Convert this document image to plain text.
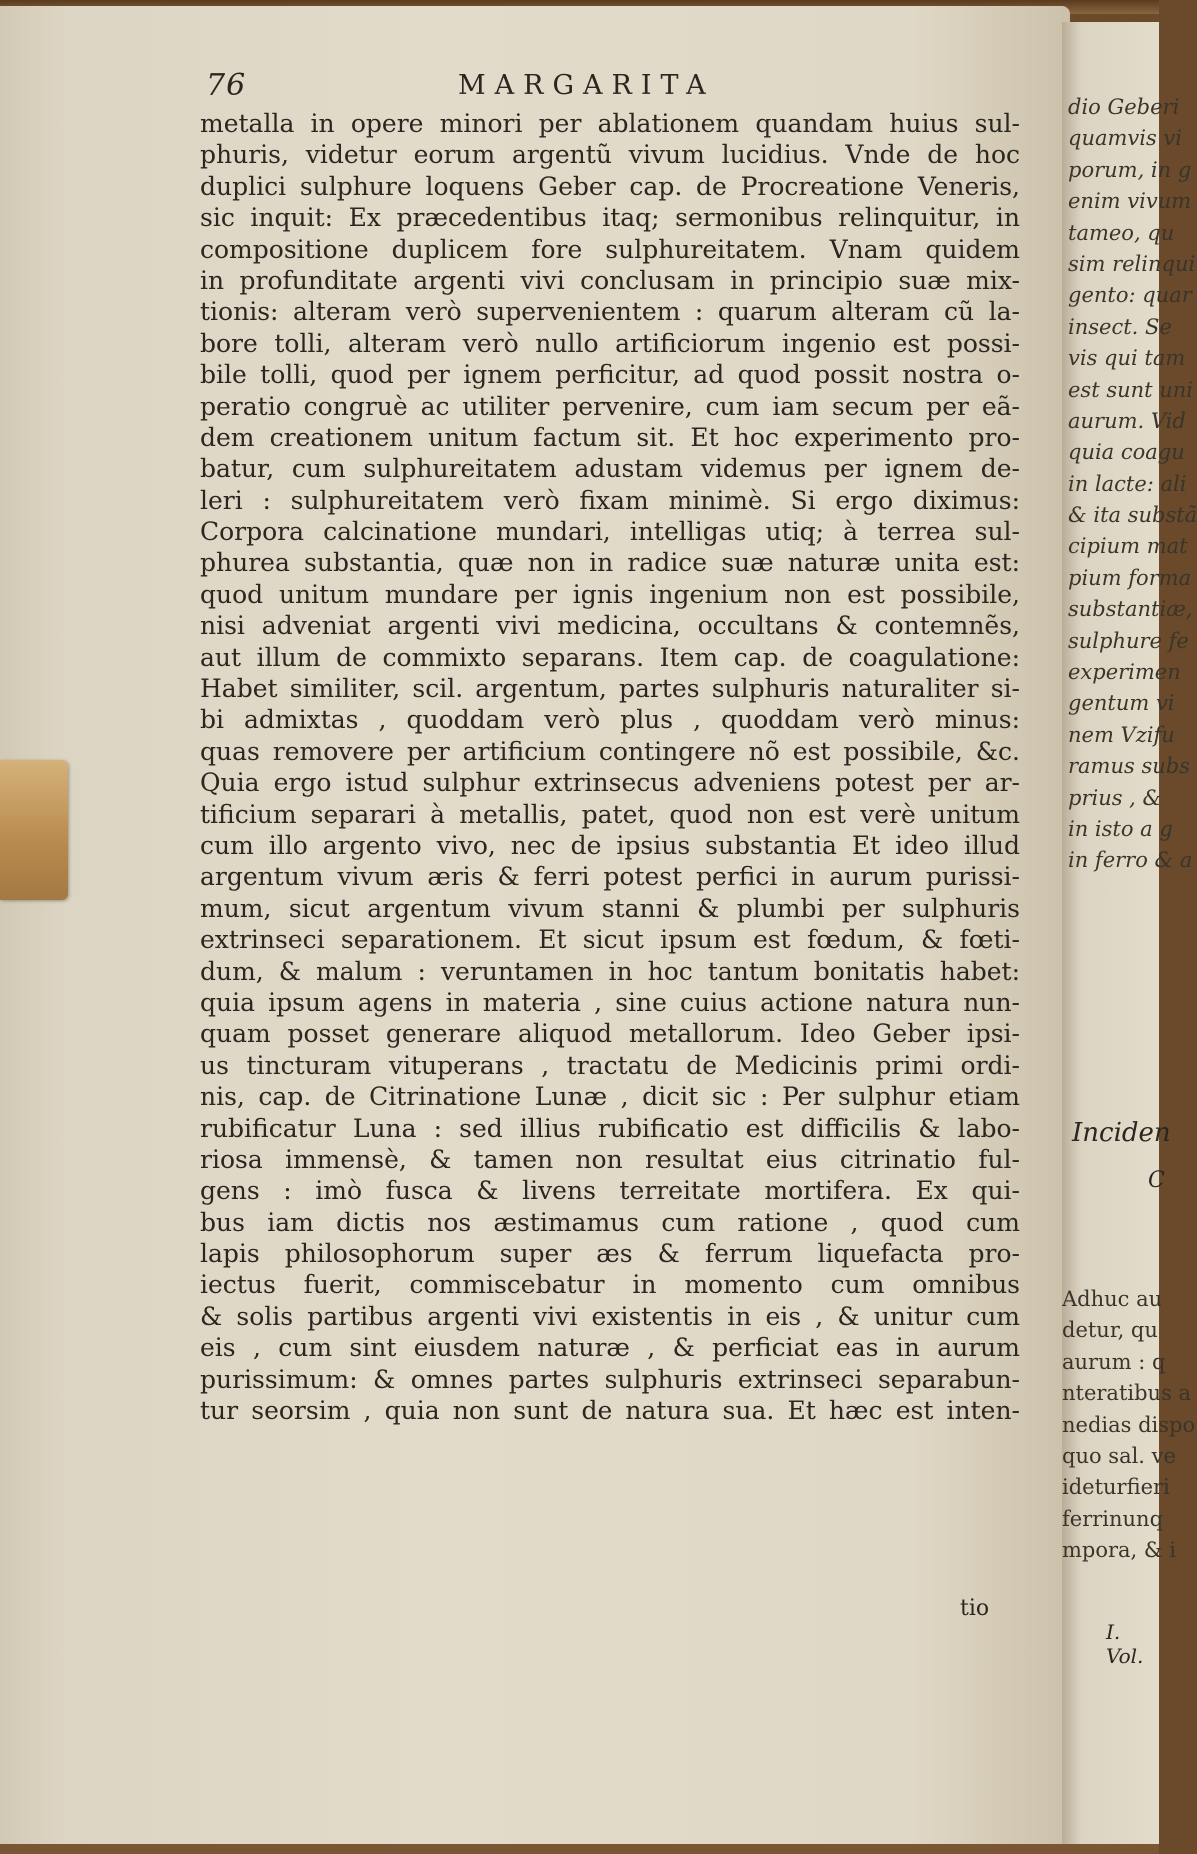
76	MARGARITA
metalla in opere minori per ablationem quandam huius sul-
phuris, videtur eorum argentũ vivum lucidius. Vnde de hoc
duplici sulphure loquens Geber cap. de Procreatione Veneris,
sic inquit: Ex præcedentibus itaq; sermonibus relinquitur, in
compositione duplicem fore sulphureitatem. Vnam quidem
in profunditate argenti vivi conclusam in principio suæ mix-
tionis: alteram verò supervenientem : quarum alteram cũ la-
bore tolli, alteram verò nullo artificiorum ingenio est possi-
bile tolli, quod per ignem perficitur, ad quod possit nostra o-
peratio congruè ac utiliter pervenire, cum iam secum per eã-
dem creationem unitum factum sit. Et hoc experimento pro-
batur, cum sulphureitatem adustam videmus per ignem de-
leri : sulphureitatem verò fixam minimè. Si ergo diximus:
Corpora calcinatione mundari, intelligas utiq; à terrea sul-
phurea substantia, quæ non in radice suæ naturæ unita est:
quod unitum mundare per ignis ingenium non est possibile,
nisi adveniat argenti vivi medicina, occultans & contemnẽs,
aut illum de commixto separans. Item cap. de coagulatione:
Habet similiter, scil. argentum, partes sulphuris naturaliter si-
bi admixtas , quoddam verò plus , quoddam verò minus:
quas removere per artificium contingere nõ est possibile, &c.
Quia ergo istud sulphur extrinsecus adveniens potest per ar-
tificium separari à metallis, patet, quod non est verè unitum
cum illo argento vivo, nec de ipsius substantia Et ideo illud
argentum vivum æris & ferri potest perfici in aurum purissi-
mum, sicut argentum vivum stanni & plumbi per sulphuris
extrinseci separationem. Et sicut ipsum est fœdum, & fœti-
dum, & malum : veruntamen in hoc tantum bonitatis habet:
quia ipsum agens in materia , sine cuius actione natura nun-
quam posset generare aliquod metallorum. Ideo Geber ipsi-
us tincturam vituperans , tractatu de Medicinis primi ordi-
nis, cap. de Citrinatione Lunæ , dicit sic : Per sulphur etiam
rubificatur Luna : sed illius rubificatio est difficilis & labo-
riosa immensè, & tamen non resultat eius citrinatio ful-
gens : imò fusca & livens terreitate mortifera. Ex qui-
bus iam dictis nos æstimamus cum ratione , quod cum
lapis philosophorum super æs & ferrum liquefacta pro-
iectus fuerit, commiscebatur in momento cum omnibus
& solis partibus argenti vivi existentis in eis , & unitur cum
eis , cum sint eiusdem naturæ , & perficiat eas in aurum
purissimum: & omnes partes sulphuris extrinseci separabun-
tur seorsim , quia non sunt de natura sua. Et hæc est inten-
tio
dio Geberi
quamvis vi
porum, in g
enim vivum
tameo, qu
sim relinqui
gento: quar
insect. Se
vis qui tam
est sunt uni
aurum. Vid
quia coagu
in lacte: ali
& ita substã
cipium mat
pium forma
substantiæ,
sulphure fe
experimen
gentum vi
nem Vzifu
ramus subs
prius , &
in isto a g
in ferro & a
Inciden
C
Adhuc au
detur, qu
aurum : q
nteratibus a
nedias dispo
quo sal. ve
ideturfieri
ferrinunq
mpora, & i
I. Vol.
